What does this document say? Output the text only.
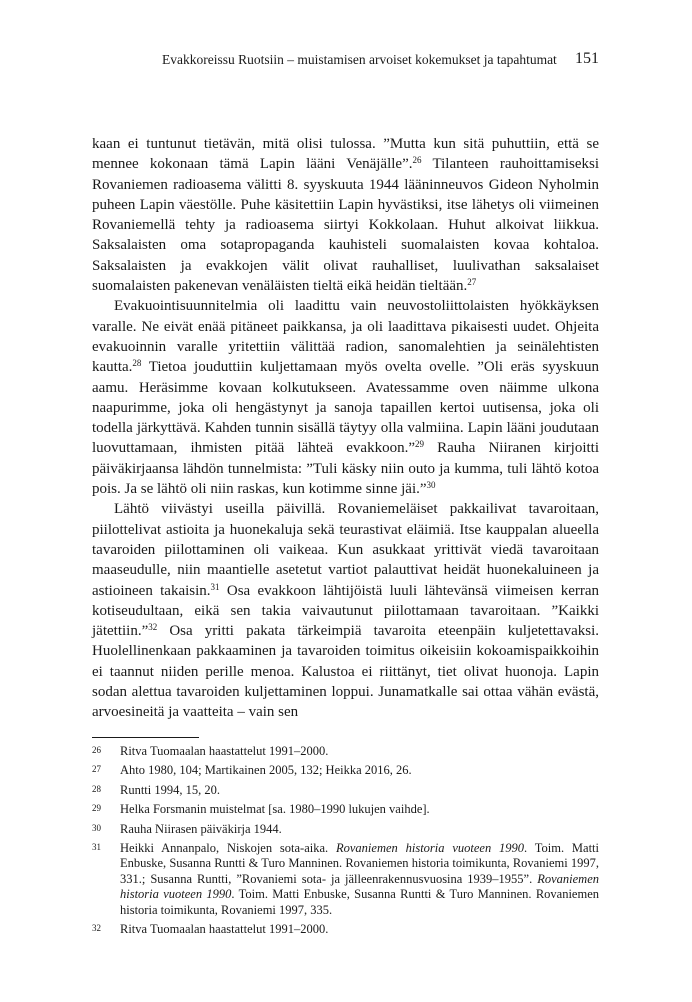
Evakkoreissu Ruotsiin – muistamisen arvoiset kokemukset ja tapahtumat 151

kaan ei tuntunut tietävän, mitä olisi tulossa. ”Mutta kun sitä puhuttiin, että se mennee kokonaan tämä Lapin lääni Venäjälle”.$^{26}$ Tilanteen rauhoittamiseksi Rovaniemen radioasema välitti 8. syyskuuta 1944 lääninneuvos Gideon Nyholmin puheen Lapin väestölle. Puhe käsitettiin Lapin hyvästiksi, itse lähetys oli viimeinen Rovaniemellä tehty ja radioasema siirtyi Kokkolaan. Huhut alkoivat liikkua. Saksalaisten oma sotapropaganda kauhisteli suomalaisten kovaa kohtaloa. Saksalaisten ja evakkojen välit olivat rauhalliset, luulivathan saksalaiset suomalaisten pakenevan venäläisten tieltä eikä heidän tieltään.$^{27}$

Evakuointisuunnitelmia oli laadittu vain neuvostoliittolaisten hyökkäyksen varalle. Ne eivät enää pitäneet paikkansa, ja oli laadittava pikaisesti uudet. Ohjeita evakuoinnin varalle yritettiin välittää radion, sanomalehtien ja seinälehtisten kautta.$^{28}$ Tietoa jouduttiin kuljettamaan myös ovelta ovelle. ”Oli eräs syyskuun aamu. Heräsimme kovaan kolkutukseen. Avatessamme oven näimme ulkona naapurimme, joka oli hengästynyt ja sanoja tapaillen kertoi uutisensa, joka oli todella järkyttävä. Kahden tunnin sisällä täytyy olla valmiina. Lapin lääni joudutaan luovuttamaan, ihmisten pitää lähteä evakkoon.”$^{29}$ Rauha Niiranen kirjoitti päiväkirjaansa lähdön tunnelmista: ”Tuli käsky niin outo ja kumma, tuli lähtö kotoa pois. Ja se lähtö oli niin raskas, kun kotimme sinne jäi.”$^{30}$

Lähtö viivästyi useilla päivillä. Rovaniemeläiset pakkailivat tavaroitaan, piilottelivat astioita ja huonekaluja sekä teurastivat eläimiä. Itse kauppalan alueella tavaroiden piilottaminen oli vaikeaa. Kun asukkaat yrittivät viedä tavaroitaan maaseudulle, niin maantielle asetetut vartiot palauttivat heidät huonekaluineen ja astioineen takaisin.$^{31}$ Osa evakkoon lähtijöistä luuli lähtevänsä viimeisen kerran kotiseudultaan, eikä sen takia vaivautunut piilottamaan tavaroitaan. ”Kaikki jätettiin.”$^{32}$ Osa yritti pakata tärkeimpiä tavaroita eteenpäin kuljetettavaksi. Huolellinenkaan pakkaaminen ja tavaroiden toimitus oikeisiin kokoamispaikkoihin ei taannut niiden perille menoa. Kalustoa ei riittänyt, tiet olivat huonoja. Lapin sodan alettua tavaroiden kuljettaminen loppui. Junamatkalle sai ottaa vähän evästä, arvoesineitä ja vaatteita – vain sen

26 Ritva Tuomaalan haastattelut 1991–2000.
27 Ahto 1980, 104; Martikainen 2005, 132; Heikka 2016, 26.
28 Runtti 1994, 15, 20.
29 Helka Forsmanin muistelmat [sa. 1980–1990 lukujen vaihde].
30 Rauha Niirasen päiväkirja 1944.
31 Heikki Annanpalo, Niskojen sota-aika. Rovaniemen historia vuoteen 1990. Toim. Matti Enbuske, Susanna Runtti & Turo Manninen. Rovaniemen historia toimikunta, Rovaniemi 1997, 331.; Susanna Runtti, ”Rovaniemi sota- ja jälleenrakennusvuosina 1939–1955”. Rovaniemen historia vuoteen 1990. Toim. Matti Enbuske, Susanna Runtti & Turo Manninen. Rovaniemen historia toimikunta, Rovaniemi 1997, 335.
32 Ritva Tuomaalan haastattelut 1991–2000.
